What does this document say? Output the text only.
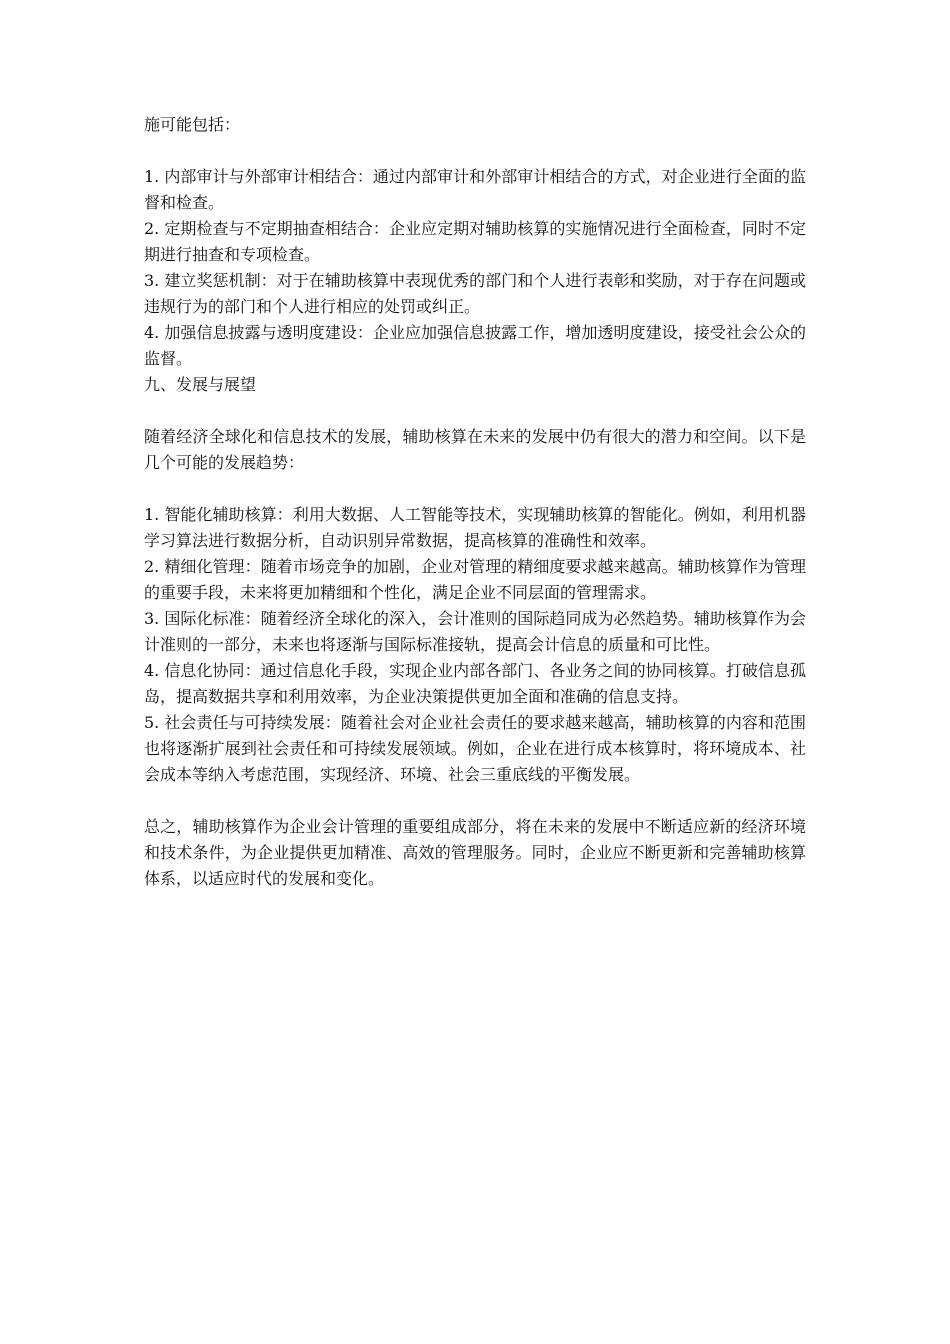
施可能包括：

1. 内部审计与外部审计相结合：通过内部审计和外部审计相结合的方式，对企业进行全面的监督和检查。

2. 定期检查与不定期抽查相结合：企业应定期对辅助核算的实施情况进行全面检查，同时不定期进行抽查和专项检查。

3. 建立奖惩机制：对于在辅助核算中表现优秀的部门和个人进行表彰和奖励，对于存在问题或违规行为的部门和个人进行相应的处罚或纠正。

4. 加强信息披露与透明度建设：企业应加强信息披露工作，增加透明度建设，接受社会公众的监督。

九、发展与展望

随着经济全球化和信息技术的发展，辅助核算在未来的发展中仍有很大的潜力和空间。以下是几个可能的发展趋势：

1. 智能化辅助核算：利用大数据、人工智能等技术，实现辅助核算的智能化。例如，利用机器学习算法进行数据分析，自动识别异常数据，提高核算的准确性和效率。

2. 精细化管理：随着市场竞争的加剧，企业对管理的精细度要求越来越高。辅助核算作为管理的重要手段，未来将更加精细和个性化，满足企业不同层面的管理需求。

3. 国际化标准：随着经济全球化的深入，会计准则的国际趋同成为必然趋势。辅助核算作为会计准则的一部分，未来也将逐渐与国际标准接轨，提高会计信息的质量和可比性。

4. 信息化协同：通过信息化手段，实现企业内部各部门、各业务之间的协同核算。打破信息孤岛，提高数据共享和利用效率，为企业决策提供更加全面和准确的信息支持。

5. 社会责任与可持续发展：随着社会对企业社会责任的要求越来越高，辅助核算的内容和范围也将逐渐扩展到社会责任和可持续发展领域。例如，企业在进行成本核算时，将环境成本、社会成本等纳入考虑范围，实现经济、环境、社会三重底线的平衡发展。

总之，辅助核算作为企业会计管理的重要组成部分，将在未来的发展中不断适应新的经济环境和技术条件，为企业提供更加精准、高效的管理服务。同时，企业应不断更新和完善辅助核算体系，以适应时代的发展和变化。
